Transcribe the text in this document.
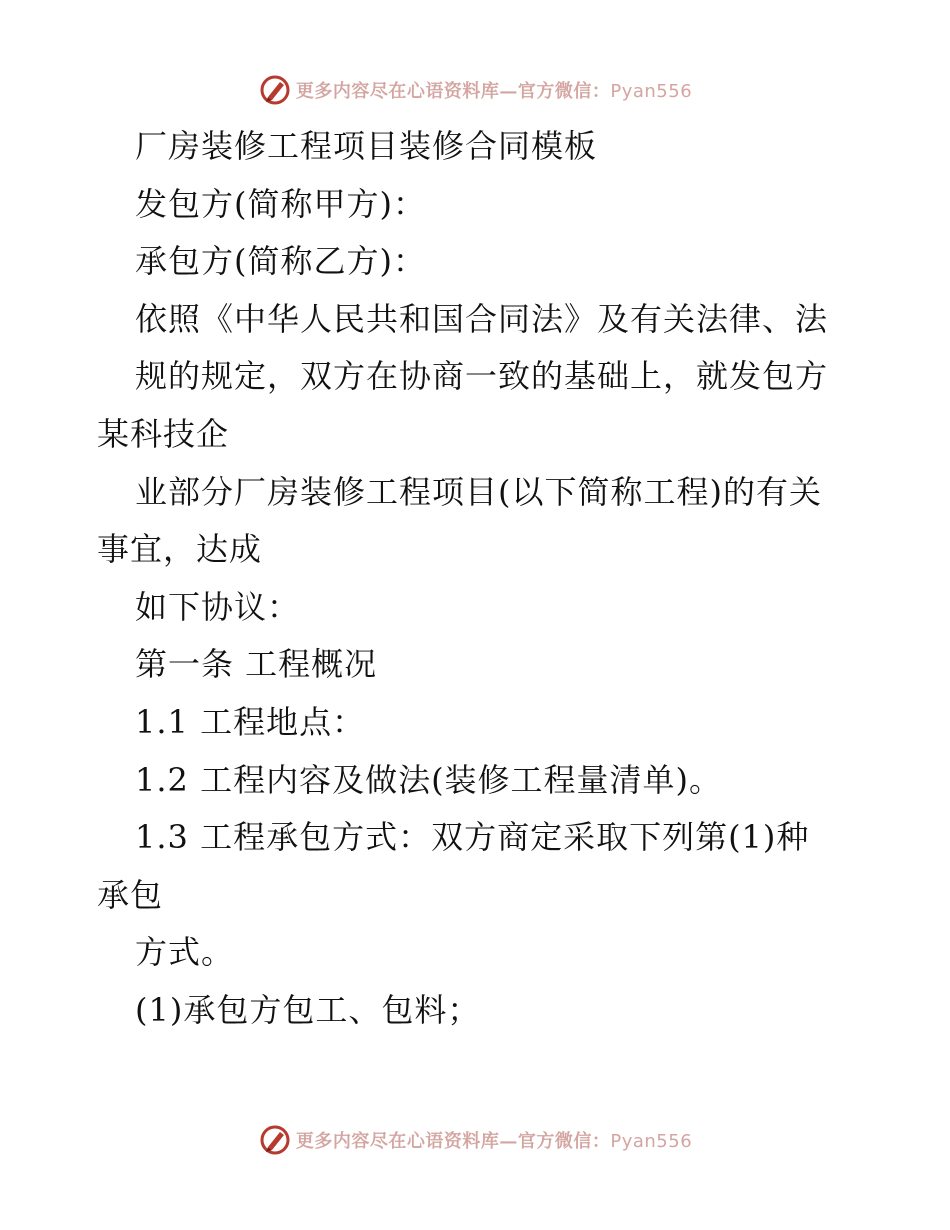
更多内容尽在心语资料库—官方微信：Pyan556
厂房装修工程项目装修合同模板
发包方(简称甲方)：
承包方(简称乙方)：
依照《中华人民共和国合同法》及有关法律、法
规的规定，双方在协商一致的基础上，就发包方
某科技企
业部分厂房装修工程项目(以下简称工程)的有关
事宜，达成
如下协议：
第一条 工程概况
1.1 工程地点：
1.2 工程内容及做法(装修工程量清单)。
1.3 工程承包方式：双方商定采取下列第(1)种
承包
方式。
(1)承包方包工、包料；
更多内容尽在心语资料库—官方微信：Pyan556
